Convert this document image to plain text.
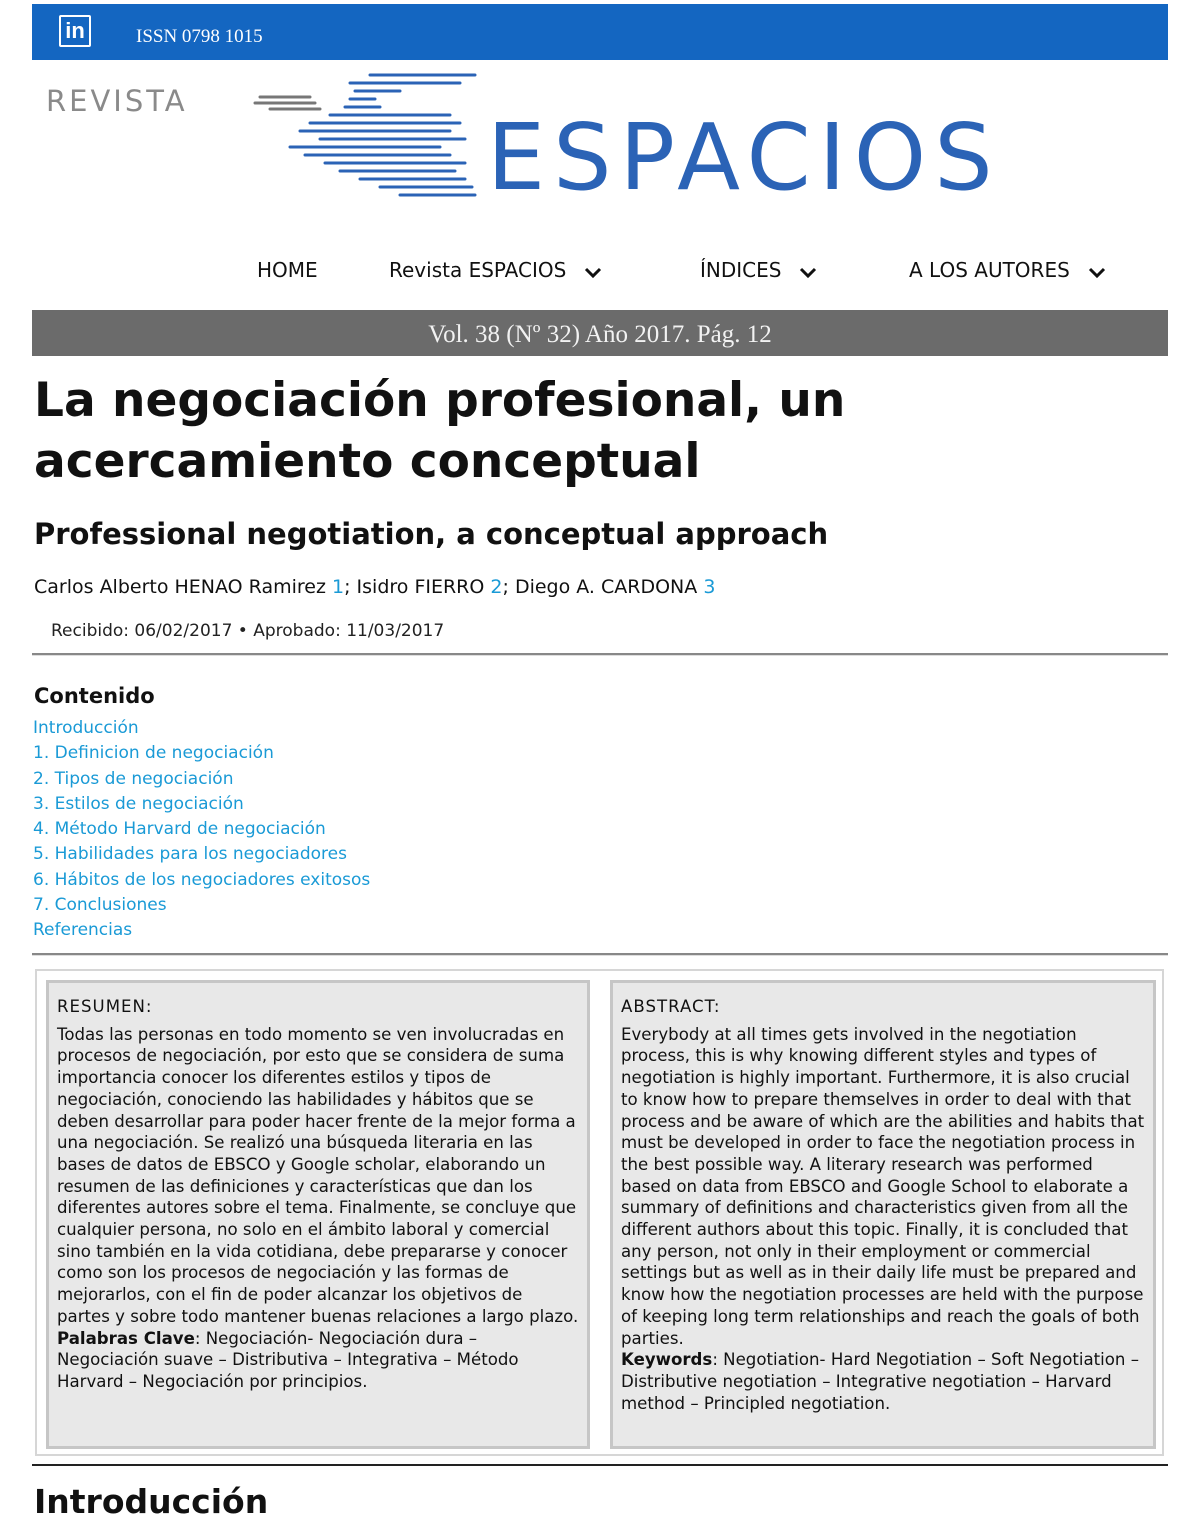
in	ISSN 0798 1015
REVISTA
ESPACIOS
HOME	Revista ESPACIOS	ÍNDICES	A LOS AUTORES
Vol. 38 (Nº 32) Año 2017. Pág. 12
La negociación profesional, un
acercamiento conceptual
Professional negotiation, a conceptual approach
Carlos Alberto HENAO Ramirez 1; Isidro FIERRO 2; Diego A. CARDONA 3
Recibido: 06/02/2017 • Aprobado: 11/03/2017
Contenido
Introducción
1. Definicion de negociación
2. Tipos de negociación
3. Estilos de negociación
4. Método Harvard de negociación
5. Habilidades para los negociadores
6. Hábitos de los negociadores exitosos
7. Conclusiones
Referencias
RESUMEN:

Todas las personas en todo momento se ven involucradas en procesos de negociación, por esto que se considera de suma importancia conocer los diferentes estilos y tipos de negociación, conociendo las habilidades y hábitos que se deben desarrollar para poder hacer frente de la mejor forma a una negociación. Se realizó una búsqueda literaria en las bases de datos de EBSCO y Google scholar, elaborando un resumen de las definiciones y características que dan los diferentes autores sobre el tema. Finalmente, se concluye que cualquier persona, no solo en el ámbito laboral y comercial sino también en la vida cotidiana, debe prepararse y conocer como son los procesos de negociación y las formas de mejorarlos, con el fin de poder alcanzar los objetivos de partes y sobre todo mantener buenas relaciones a largo plazo.
Palabras Clave: Negociación- Negociación dura – Negociación suave – Distributiva – Integrativa – Método Harvard – Negociación por principios.

ABSTRACT:

Everybody at all times gets involved in the negotiation process, this is why knowing different styles and types of negotiation is highly important. Furthermore, it is also crucial to know how to prepare themselves in order to deal with that process and be aware of which are the abilities and habits that must be developed in order to face the negotiation process in the best possible way. A literary research was performed based on data from EBSCO and Google School to elaborate a summary of definitions and characteristics given from all the different authors about this topic. Finally, it is concluded that any person, not only in their employment or commercial settings but as well as in their daily life must be prepared and know how the negotiation processes are held with the purpose of keeping long term relationships and reach the goals of both parties.
Keywords: Negotiation- Hard Negotiation – Soft Negotiation – Distributive negotiation – Integrative negotiation – Harvard method – Principled negotiation.

Introducción
